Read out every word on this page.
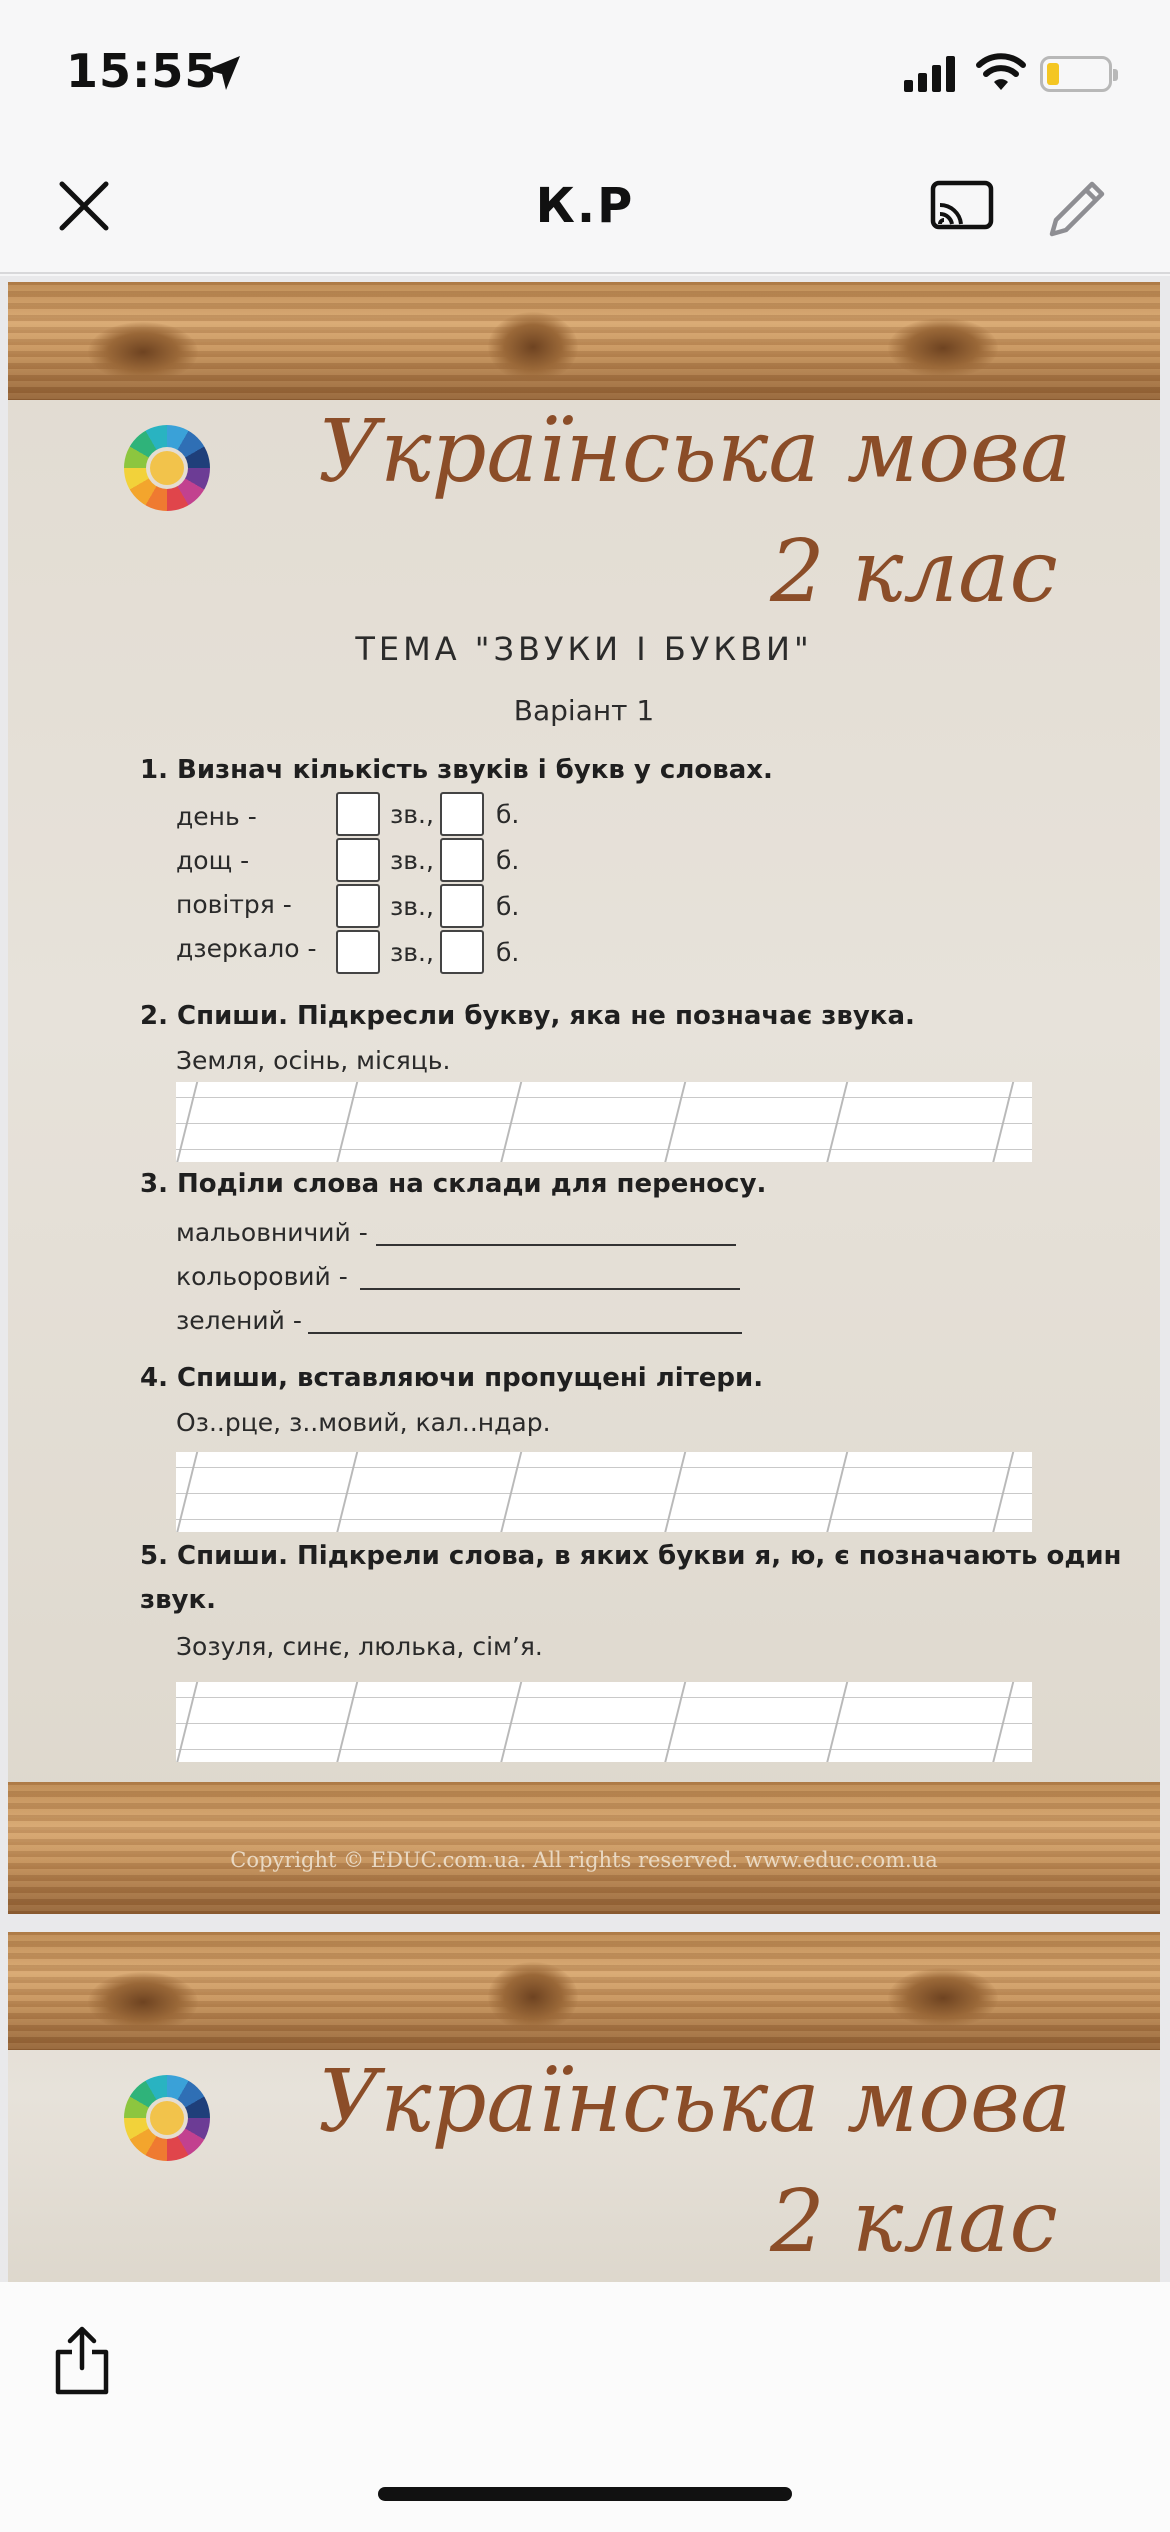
15:55
К.Р
Українська мова
2 клас
ТЕМА "ЗВУКИ І БУКВИ"
Варіант 1
1. Визнач кількість звуків і букв у словах.
день -
дощ -
повітря -
дзеркало -
зв.,
зв.,
зв.,
зв.,
б.
б.
б.
б.
2. Спиши. Підкресли букву, яка не позначає звука.
Земля, осінь, місяць.
3. Поділи слова на склади для переносу.
мальовничий -
кольоровий -
зелений -
4. Спиши, вставляючи пропущені літери.
Оз..рце, з..мовий, кал..ндар.
5. Спиши. Підкрели слова, в яких букви я, ю, є позначають один
звук.
Зозуля, синє, люлька, сім’я.
Copyright © EDUC.com.ua. All rights reserved. www.educ.com.ua
Українська мова
2 клас
